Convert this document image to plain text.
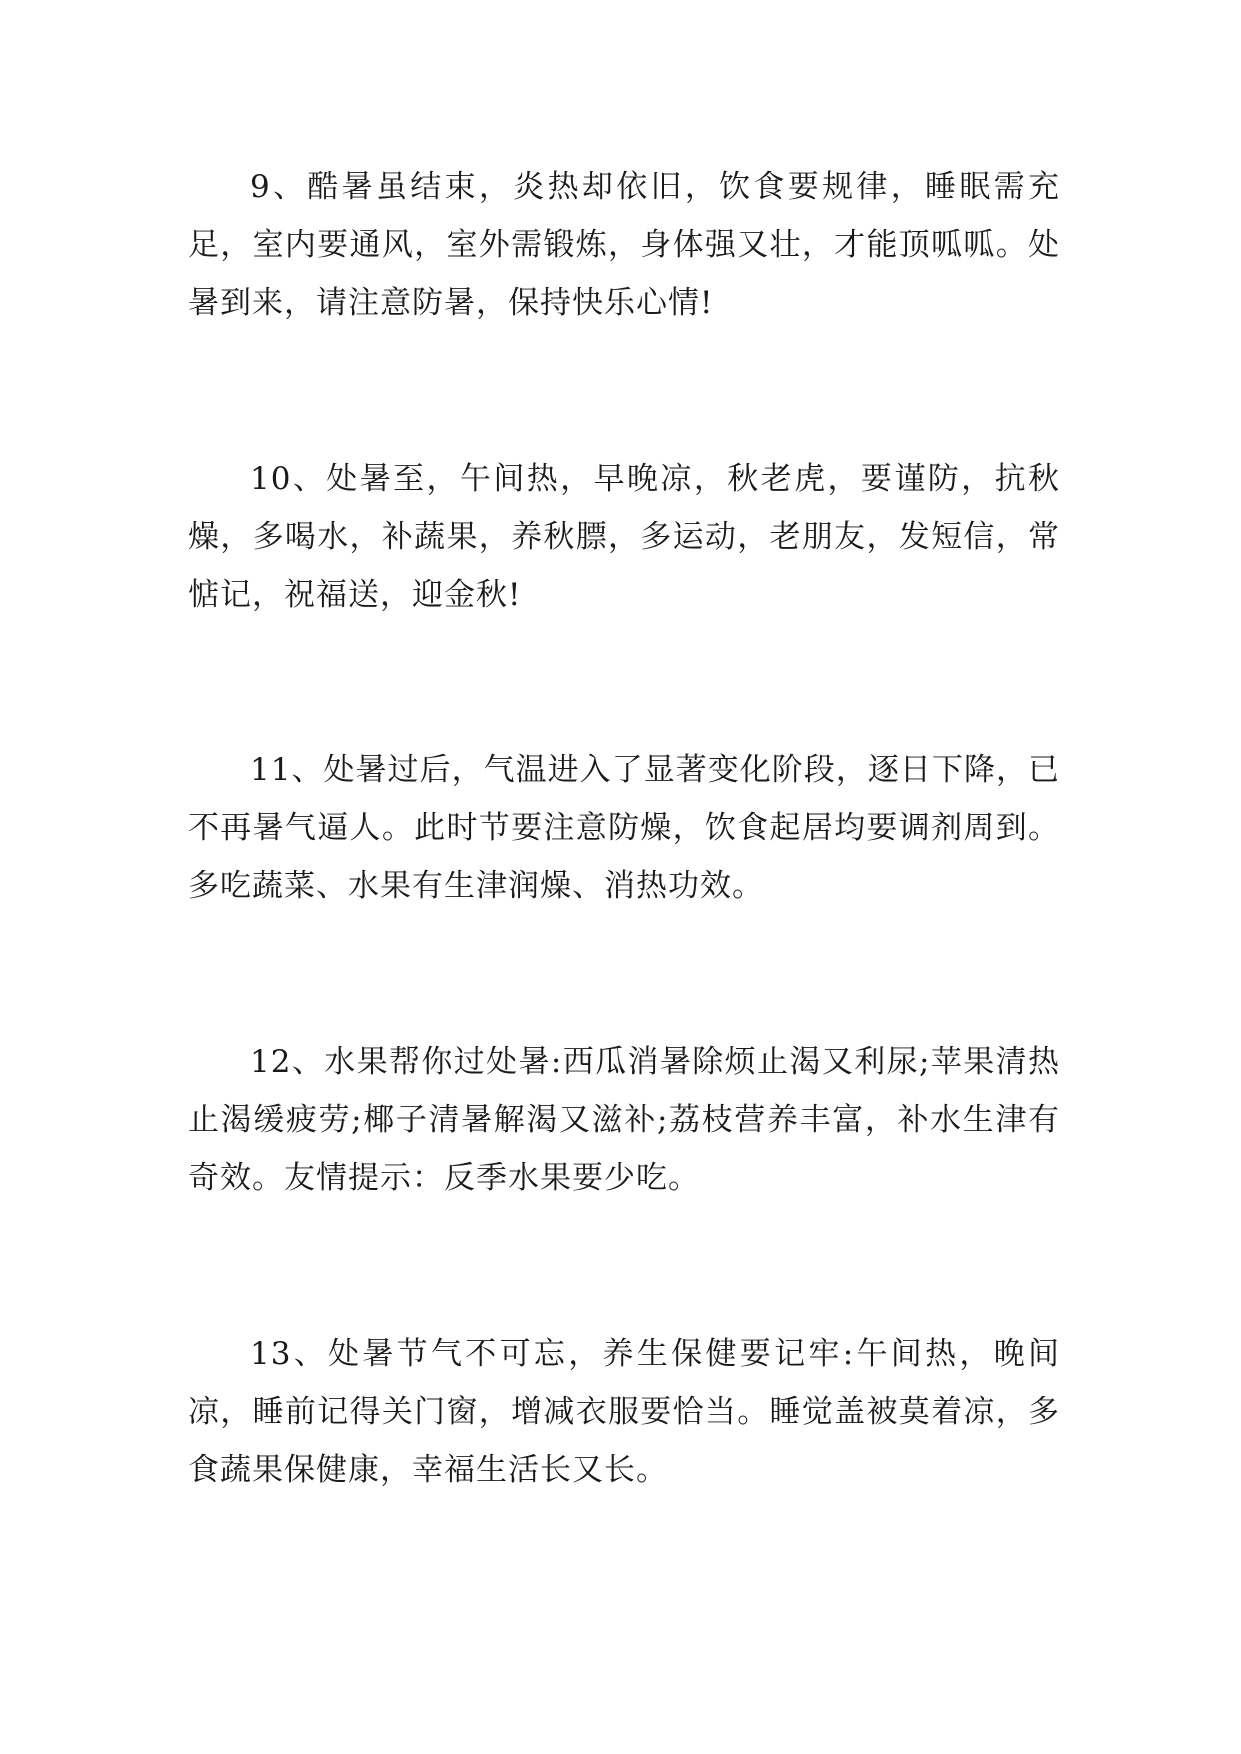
9、酷暑虽结束，炎热却依旧，饮食要规律，睡眠需充足，室内要通风，室外需锻炼，身体强又壮，才能顶呱呱。处暑到来，请注意防暑，保持快乐心情!

10、处暑至，午间热，早晚凉，秋老虎，要谨防，抗秋燥，多喝水，补蔬果，养秋膘，多运动，老朋友，发短信，常惦记，祝福送，迎金秋!

11、处暑过后，气温进入了显著变化阶段，逐日下降，已不再暑气逼人。此时节要注意防燥，饮食起居均要调剂周到。多吃蔬菜、水果有生津润燥、消热功效。

12、水果帮你过处暑:西瓜消暑除烦止渴又利尿;苹果清热止渴缓疲劳;椰子清暑解渴又滋补;荔枝营养丰富，补水生津有奇效。友情提示：反季水果要少吃。

13、处暑节气不可忘，养生保健要记牢:午间热，晚间凉，睡前记得关门窗，增减衣服要恰当。睡觉盖被莫着凉，多食蔬果保健康，幸福生活长又长。
